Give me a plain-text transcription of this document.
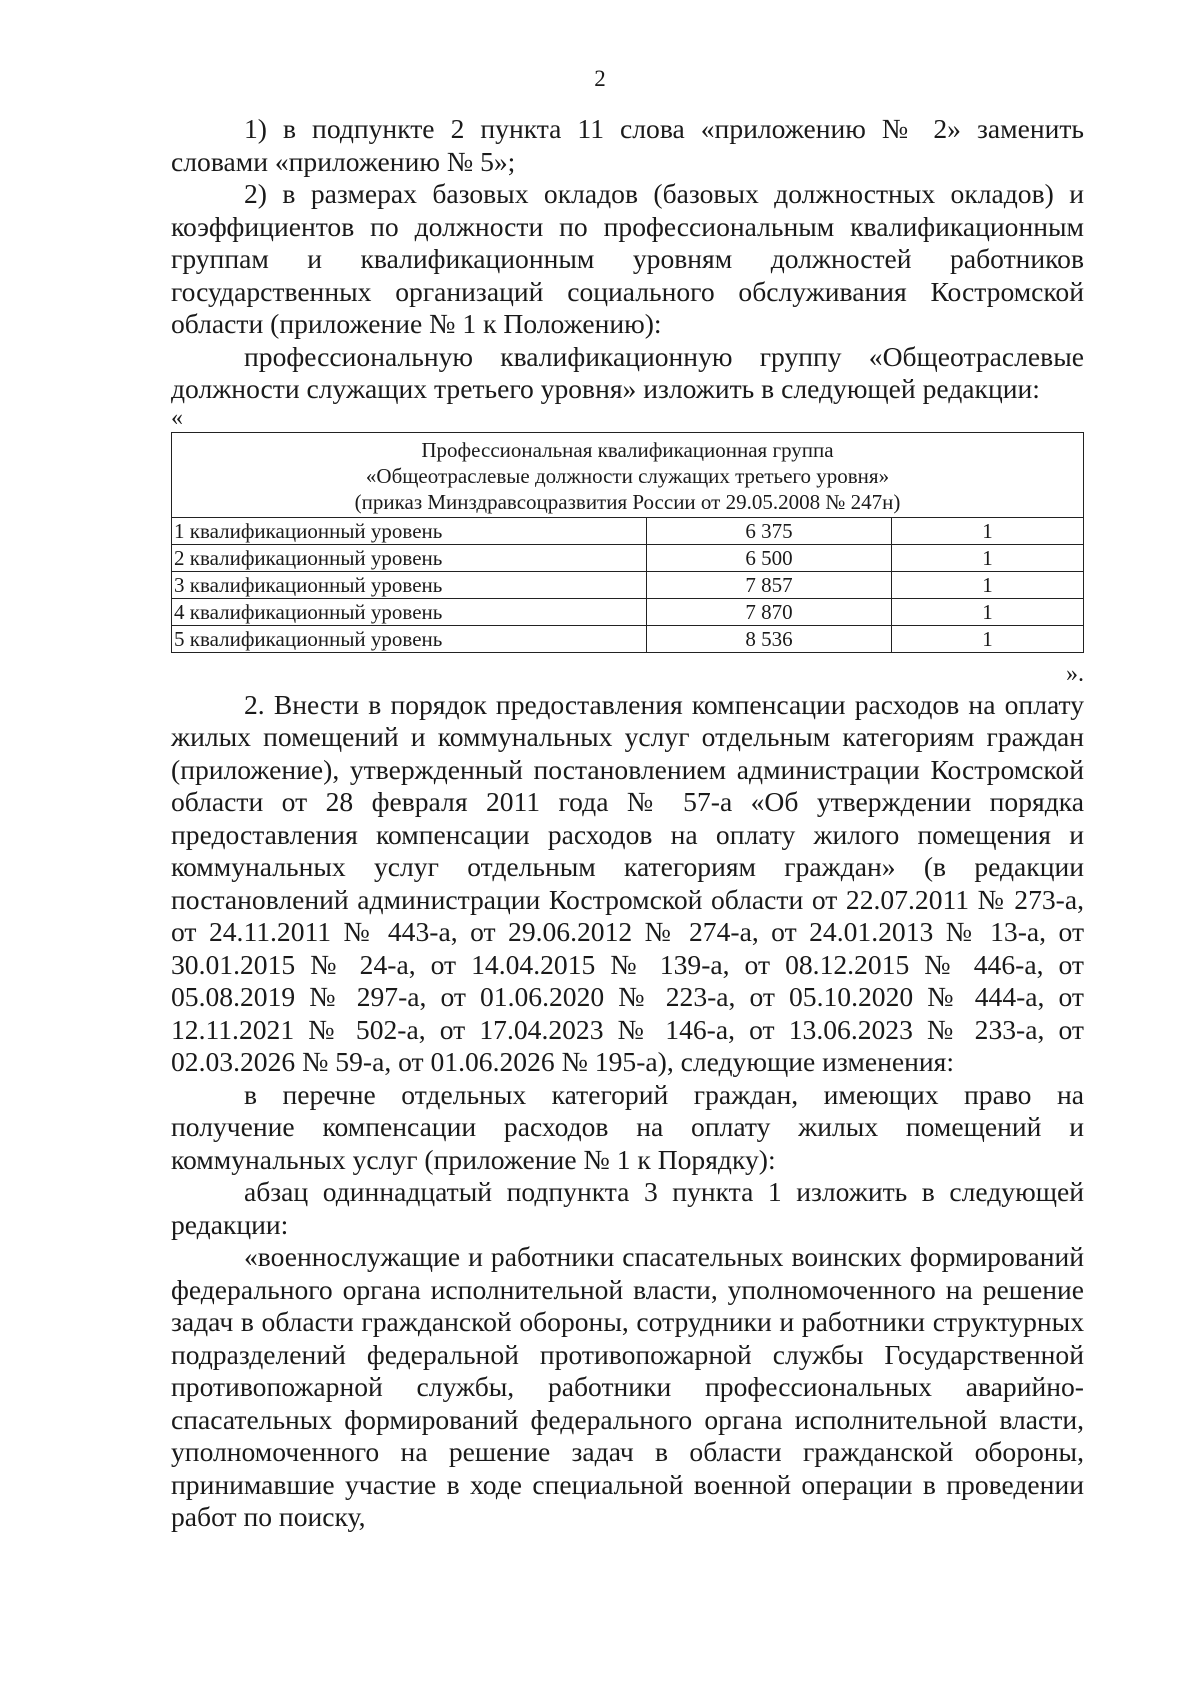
2

1) в подпункте 2 пункта 11 слова «приложению № 2» заменить словами «приложению № 5»;

2) в размерах базовых окладов (базовых должностных окладов) и коэффициентов по должности по профессиональным квалификационным группам и квалификационным уровням должностей работников государственных организаций социального обслуживания Костромской области (приложение № 1 к Положению):

профессиональную квалификационную группу «Общеотраслевые должности служащих третьего уровня» изложить в следующей редакции:

«

Профессиональная квалификационная группа
«Общеотраслевые должности служащих третьего уровня»
(приказ Минздравсоцразвития России от 29.05.2008 № 247н)		

1 квалификационный уровень	6 375	1
2 квалификационный уровень	6 500	1
3 квалификационный уровень	7 857	1
4 квалификационный уровень	7 870	1
5 квалификационный уровень	8 536	1

».

2. Внести в порядок предоставления компенсации расходов на оплату жилых помещений и коммунальных услуг отдельным категориям граждан (приложение), утвержденный постановлением администрации Костромской области от 28 февраля 2011 года № 57-а «Об утверждении порядка предоставления компенсации расходов на оплату жилого помещения и коммунальных услуг отдельным категориям граждан» (в редакции постановлений администрации Костромской области от 22.07.2011 № 273-а, от 24.11.2011 № 443-а, от 29.06.2012 № 274-а, от 24.01.2013 № 13-а, от 30.01.2015 № 24-а, от 14.04.2015 № 139-а, от 08.12.2015 № 446-а, от 05.08.2019 № 297-а, от 01.06.2020 № 223-а, от 05.10.2020 № 444-а, от 12.11.2021 № 502-а, от 17.04.2023 № 146-а, от 13.06.2023 № 233-а, от 02.03.2026 № 59-а, от 01.06.2026 № 195-а), следующие изменения:

в перечне отдельных категорий граждан, имеющих право на получение компенсации расходов на оплату жилых помещений и коммунальных услуг (приложение № 1 к Порядку):

абзац одиннадцатый подпункта 3 пункта 1 изложить в следующей редакции:

«военнослужащие и работники спасательных воинских формирований федерального органа исполнительной власти, уполномоченного на решение задач в области гражданской обороны, сотрудники и работники структурных подразделений федеральной противопожарной службы Государственной противопожарной службы, работники профессиональных аварийно-спасательных формирований федерального органа исполнительной власти, уполномоченного на решение задач в области гражданской обороны, принимавшие участие в ходе специальной военной операции в проведении работ по поиску,
